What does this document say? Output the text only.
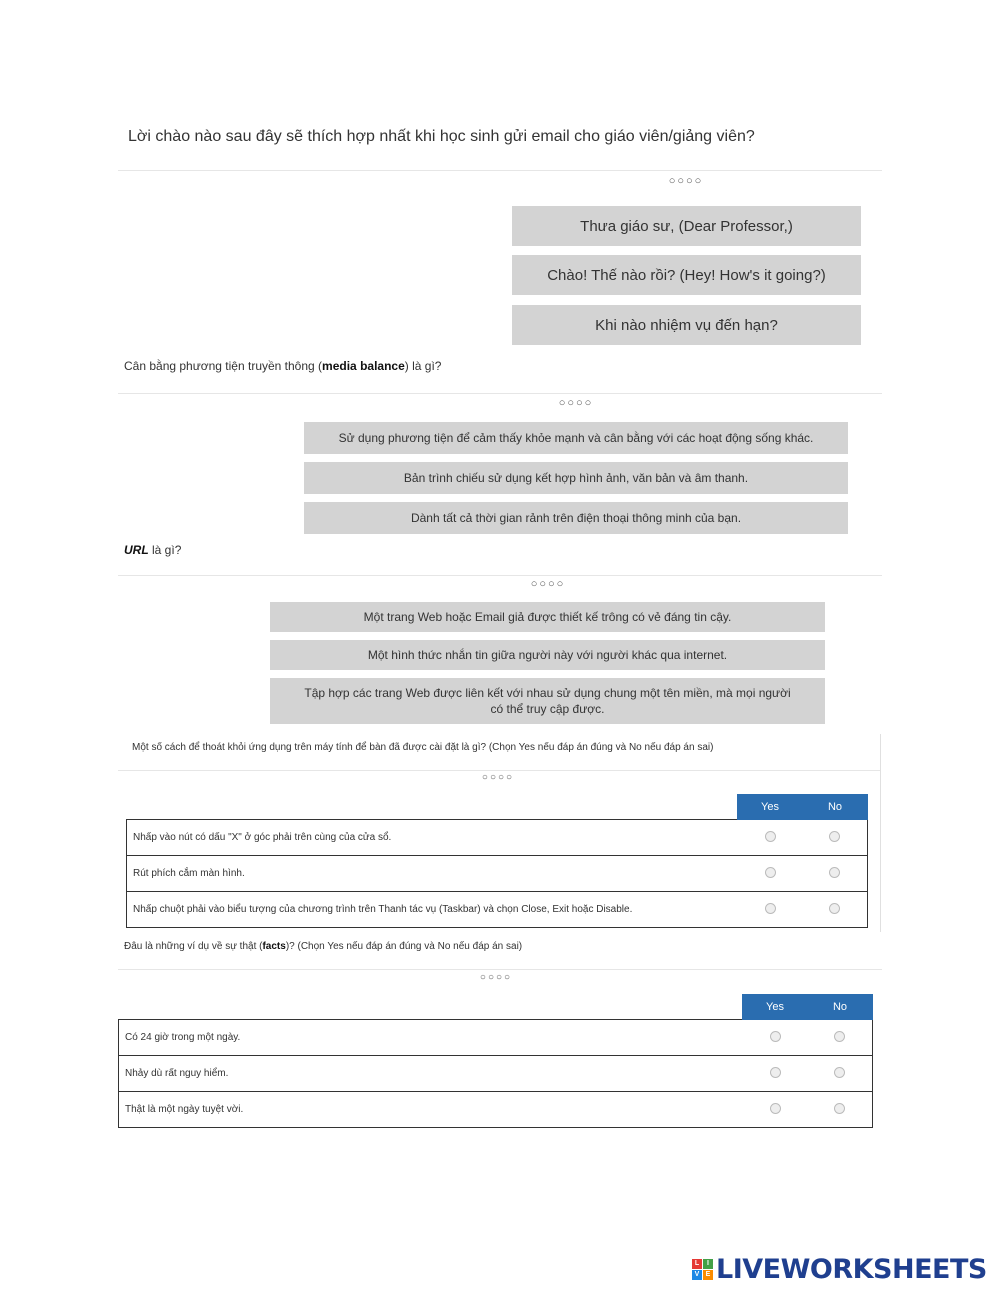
Lời chào nào sau đây sẽ thích hợp nhất khi học sinh gửi email cho giáo viên/giảng viên?
○○○○
Thưa giáo sư, (Dear Professor,)
Chào! Thế nào rồi? (Hey! How's it going?)
Khi nào nhiệm vụ đến hạn?
Cân bằng phương tiện truyền thông (media balance) là gì?
○○○○
Sử dụng phương tiện để cảm thấy khỏe mạnh và cân bằng với các hoạt động sống khác.
Bản trình chiếu sử dụng kết hợp hình ảnh, văn bản và âm thanh.
Dành tất cả thời gian rảnh trên điện thoại thông minh của bạn.
URL là gì?
○○○○
Một trang Web hoặc Email giả được thiết kế trông có vẻ đáng tin cậy.
Một hình thức nhắn tin giữa người này với người khác qua internet.
Tập hợp các trang Web được liên kết với nhau sử dụng chung một tên miền, mà mọi người có thể truy cập được.
Một số cách để thoát khỏi ứng dụng trên máy tính để bàn đã được cài đặt là gì? (Chọn Yes nếu đáp án đúng và No nếu đáp án sai)
○○○○
	Yes	No
Nhấp vào nút có dấu "X" ở góc phải trên cùng của cửa sổ.		
Rút phích cắm màn hình.		
Nhấp chuột phải vào biểu tượng của chương trình trên Thanh tác vụ (Taskbar) và chọn Close, Exit hoặc Disable.		
Đâu là những ví dụ về sự thật (facts)? (Chọn Yes nếu đáp án đúng và No nếu đáp án sai)
○○○○
	Yes	No
Có 24 giờ trong một ngày.		
Nhảy dù rất nguy hiểm.		
Thật là một ngày tuyệt vời.		
L	I
V E LIVEWORKSHEETS
